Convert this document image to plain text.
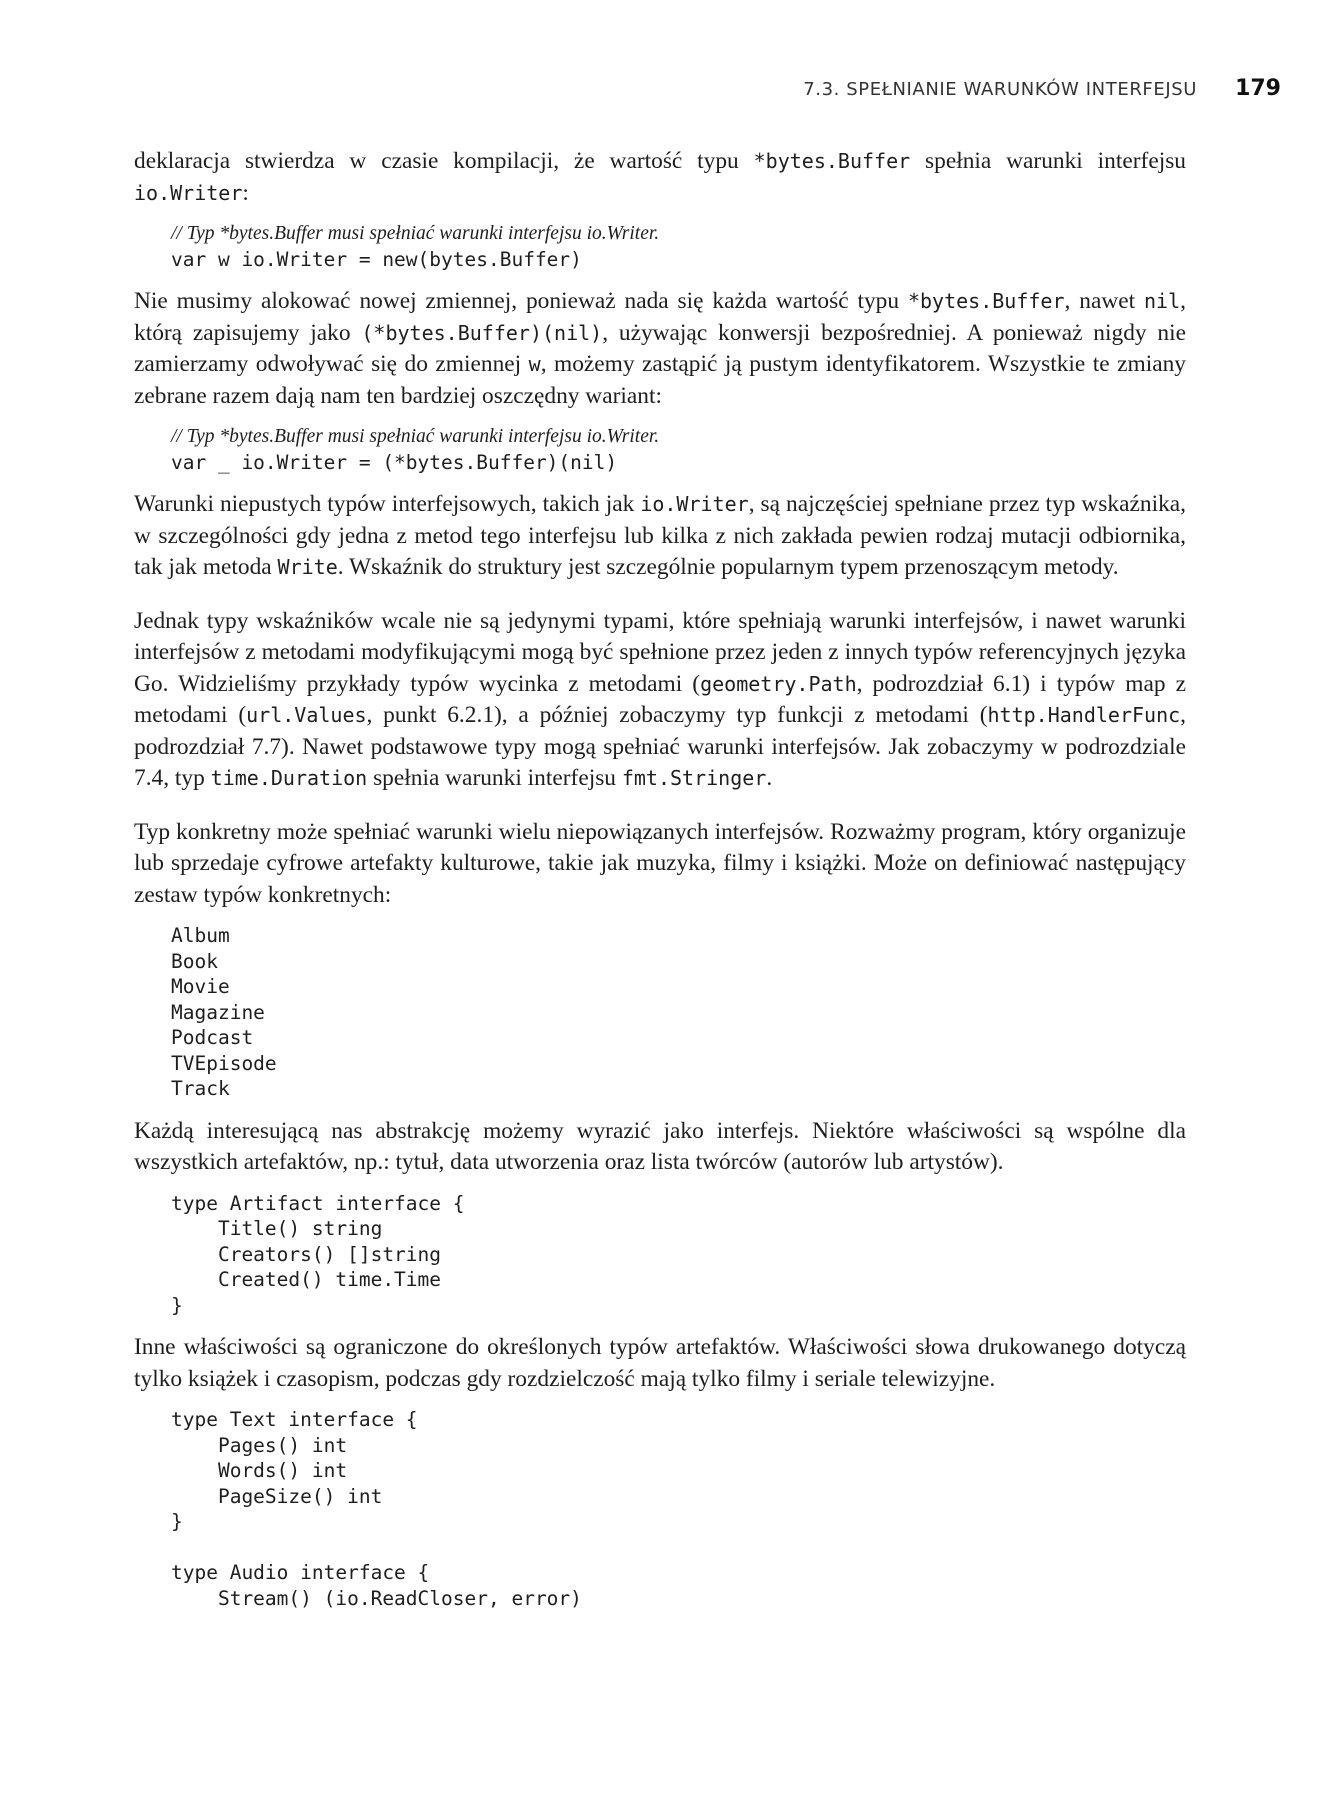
7.3. SPEŁNIANIE WARUNKÓW INTERFEJSU 179

deklaracja stwierdza w czasie kompilacji, że wartość typu *bytes.Buffer spełnia warunki interfejsu io.Writer:

// Typ *bytes.Buffer musi spełniać warunki interfejsu io.Writer.
var w io.Writer = new(bytes.Buffer)

Nie musimy alokować nowej zmiennej, ponieważ nada się każda wartość typu *bytes.Buffer, nawet nil, którą zapisujemy jako (*bytes.Buffer)(nil), używając konwersji bezpośredniej. A ponieważ nigdy nie zamierzamy odwoływać się do zmiennej w, możemy zastąpić ją pustym identyfikatorem. Wszystkie te zmiany zebrane razem dają nam ten bardziej oszczędny wariant:

// Typ *bytes.Buffer musi spełniać warunki interfejsu io.Writer.
var _ io.Writer = (*bytes.Buffer)(nil)

Warunki niepustych typów interfejsowych, takich jak io.Writer, są najczęściej spełniane przez typ wskaźnika, w szczególności gdy jedna z metod tego interfejsu lub kilka z nich zakłada pewien rodzaj mutacji odbiornika, tak jak metoda Write. Wskaźnik do struktury jest szczególnie popularnym typem przenoszącym metody.

Jednak typy wskaźników wcale nie są jedynymi typami, które spełniają warunki interfejsów, i nawet warunki interfejsów z metodami modyfikującymi mogą być spełnione przez jeden z innych typów referencyjnych języka Go. Widzieliśmy przykłady typów wycinka z metodami (geometry.Path, podrozdział 6.1) i typów map z metodami (url.Values, punkt 6.2.1), a później zobaczymy typ funkcji z metodami (http.HandlerFunc, podrozdział 7.7). Nawet podstawowe typy mogą spełniać warunki interfejsów. Jak zobaczymy w podrozdziale 7.4, typ time.Duration spełnia warunki interfejsu fmt.Stringer.

Typ konkretny może spełniać warunki wielu niepowiązanych interfejsów. Rozważmy program, który organizuje lub sprzedaje cyfrowe artefakty kulturowe, takie jak muzyka, filmy i książki. Może on definiować następujący zestaw typów konkretnych:

Album
Book
Movie
Magazine
Podcast
TVEpisode
Track

Każdą interesującą nas abstrakcję możemy wyrazić jako interfejs. Niektóre właściwości są wspólne dla wszystkich artefaktów, np.: tytuł, data utworzenia oraz lista twórców (autorów lub artystów).

type Artifact interface {
Title() string
Creators() []string
Created() time.Time
}

Inne właściwości są ograniczone do określonych typów artefaktów. Właściwości słowa drukowanego dotyczą tylko książek i czasopism, podczas gdy rozdzielczość mają tylko filmy i seriale telewizyjne.

type Text interface {
Pages() int
Words() int
PageSize() int
}
type Audio interface {
Stream() (io.ReadCloser, error)
